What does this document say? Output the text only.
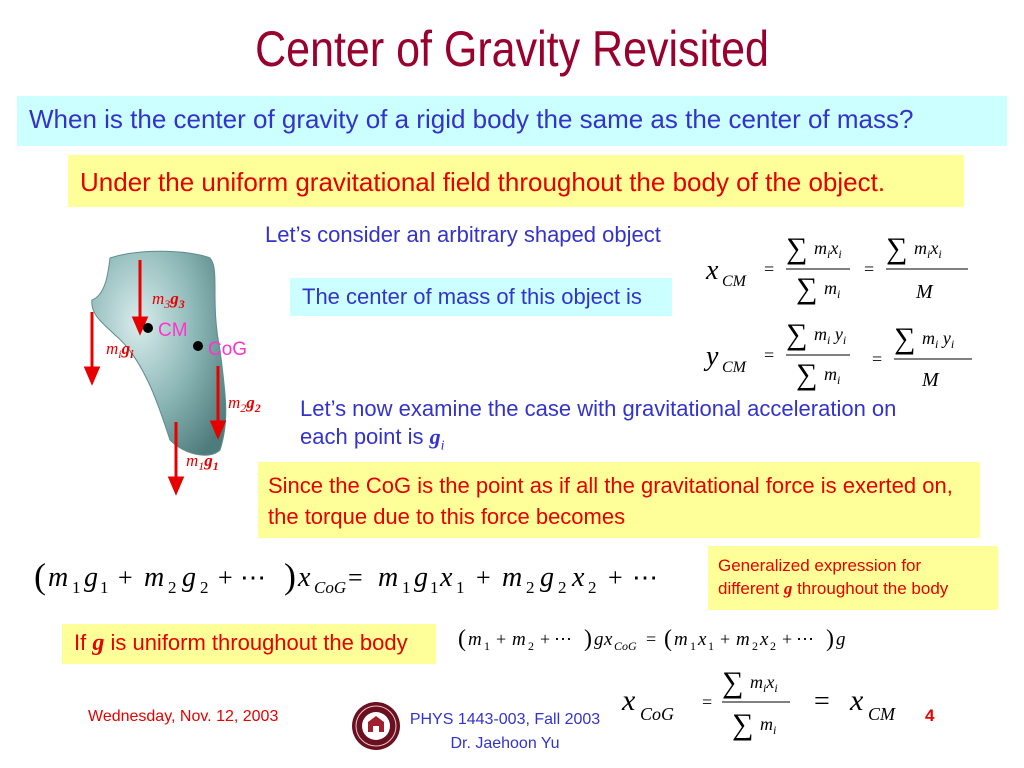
Center of Gravity Revisited
When is the center of gravity of a rigid body the same as the center of mass?
Under the uniform gravitational field throughout the body of the object.
Let’s consider an arbitrary shaped object
The center of mass of this object is
CM
CoG
$m_3g_3$
$m_ig_i$
$m_2g_2$
$m_1g_1$
x CM
=
∑ $m_ix_i$
∑ $m_i$
=
∑ $m_ix_i$
M
y CM
=
∑ $m_i$ $y_i$
∑ $m_i$
=
∑ $m_i$ $y_i$
M
Let’s now examine the case with gravitational acceleration on each point is $g_i$
Since the CoG is the point as if all the gravitational force is exerted on, the torque due to this force becomes
( m 1 g 1 + m 2 g 2 + ⋯ ) x CoG = m 1 g 1 x 1 + m 2 g 2 x 2 + ⋯	Generalized expression for
different g throughout the body
If g is uniform throughout the body	( m 1 + m 2 + ⋯ ) g x CoG = ( m 1 x 1 + m 2 x 2 + ⋯ ) g
x CoG
=
∑ $m_ix_i$
∑ $m_i$
= x CM
Wednesday, Nov. 12, 2003	PHYS 1443-003, Fall 2003
Dr. Jaehoon Yu
4
